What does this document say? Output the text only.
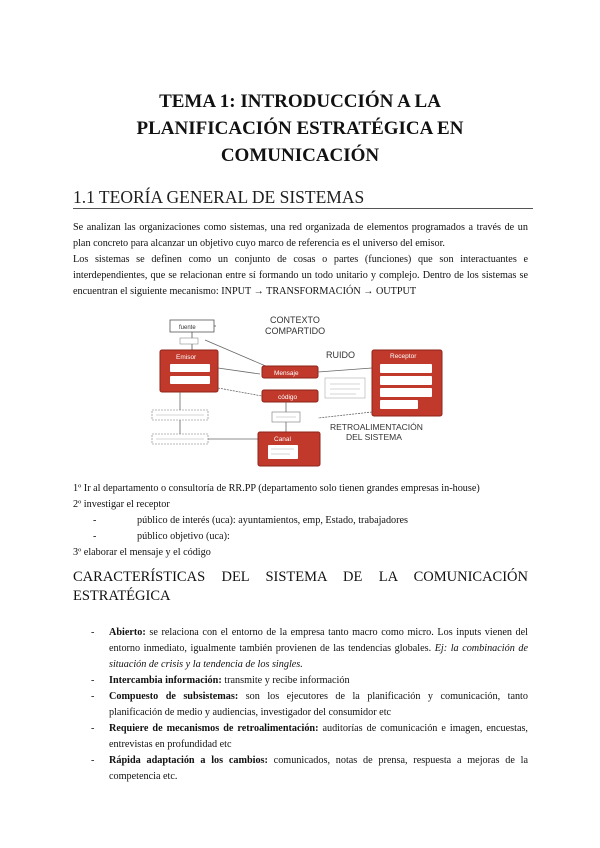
TEMA 1: INTRODUCCIÓN A LA
PLANIFICACIÓN ESTRATÉGICA EN
COMUNICACIÓN
1.1 TEORÍA GENERAL DE SISTEMAS

Se analizan las organizaciones como sistemas, una red organizada de elementos programados a través de un plan concreto para alcanzar un objetivo cuyo marco de referencia es el universo del emisor.

Los sistemas se definen como un conjunto de cosas o partes (funciones) que son interactuantes e interdependientes, que se relacionan entre sí formando un todo unitario y complejo. Dentro de los sistemas se encuentran el siguiente mecanismo: INPUT → TRANSFORMACIÓN → OUTPUT

fuente
Emisor
CONTEXTO
COMPARTIDO
RUIDO
Mensaje
código
Receptor
RETROALIMENTACIÓN
DEL SISTEMA
Canal

1º Ir al departamento o consultoría de RR.PP (departamento solo tienen grandes empresas in-house)

2º investigar el receptor

- público de interés (uca): ayuntamientos, emp, Estado, trabajadores

- público objetivo (uca):

3º elaborar el mensaje y el código

CARACTERÍSTICAS DEL SISTEMA DE LA COMUNICACIÓN
ESTRATÉGICA

- Abierto: se relaciona con el entorno de la empresa tanto macro como micro. Los inputs vienen del entorno inmediato, igualmente también provienen de las tendencias globales. Ej: la combinación de situación de crisis y la tendencia de los singles.

- Intercambia información: transmite y recibe información

- Compuesto de subsistemas: son los ejecutores de la planificación y comunicación, tanto planificación de medio y audiencias, investigador del consumidor etc

- Requiere de mecanismos de retroalimentación: auditorías de comunicación e imagen, encuestas, entrevistas en profundidad etc

- Rápida adaptación a los cambios: comunicados, notas de prensa, respuesta a mejoras de la competencia etc.
